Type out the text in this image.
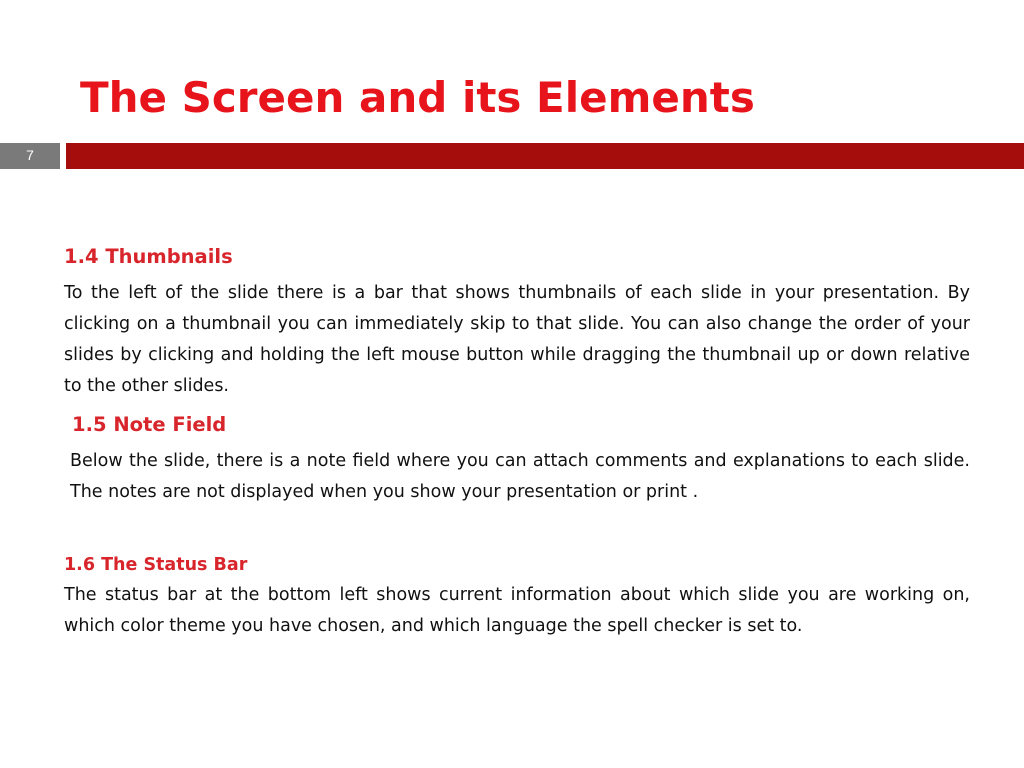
The Screen and its Elements
7
1.4 Thumbnails

To the left of the slide there is a bar that shows thumbnails of each slide in your presentation. By clicking on a thumbnail you can immediately skip to that slide. You can also change the order of your slides by clicking and holding the left mouse button while dragging the thumbnail up or down relative to the other slides.

1.5 Note Field

Below the slide, there is a note field where you can attach comments and explanations to each slide. The notes are not displayed when you show your presentation or print .

1.6 The Status Bar

The status bar at the bottom left shows current information about which slide you are working on, which color theme you have chosen, and which language the spell checker is set to.
